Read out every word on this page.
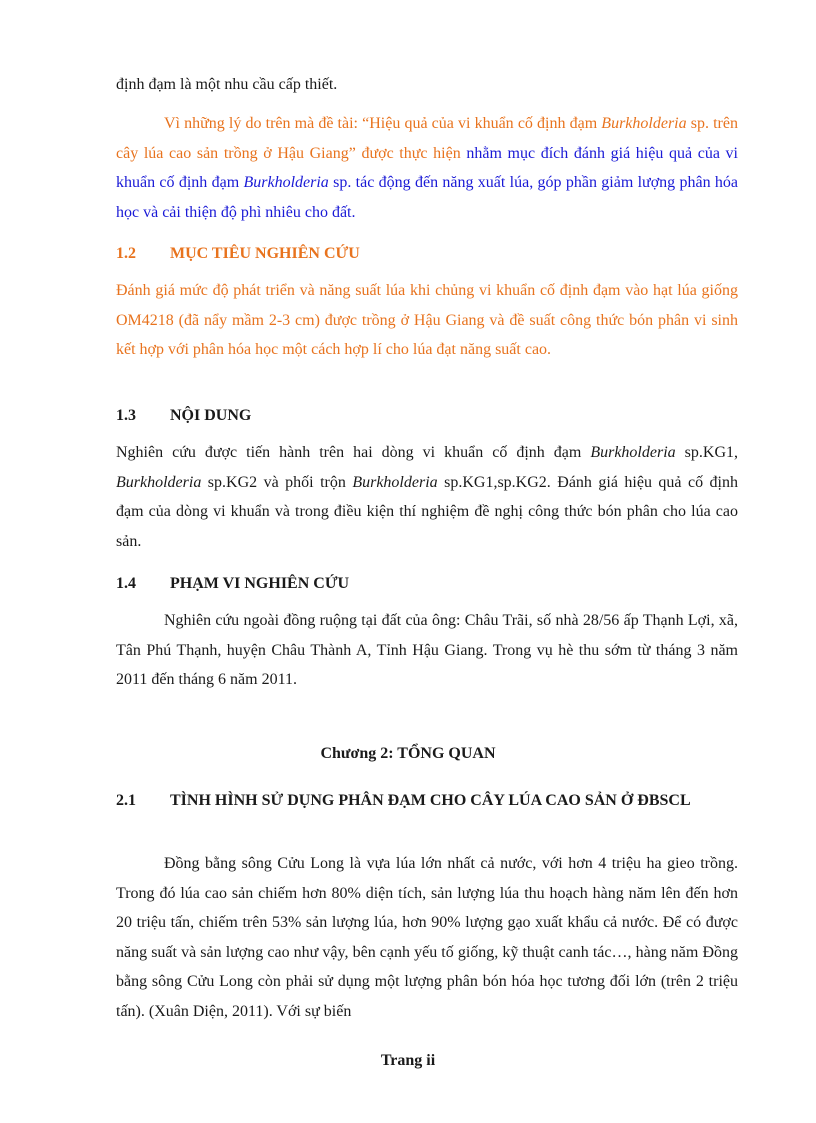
định đạm là một nhu cầu cấp thiết.

Vì những lý do trên mà đề tài: “Hiệu quả của vi khuẩn cố định đạm Burkholderia sp. trên cây lúa cao sản trồng ở Hậu Giang” được thực hiện nhằm mục đích đánh giá hiệu quả của vi khuẩn cố định đạm Burkholderia sp. tác động đến năng xuất lúa, góp phần giảm lượng phân hóa học và cải thiện độ phì nhiêu cho đất.

1.2 MỤC TIÊU NGHIÊN CỨU

Đánh giá mức độ phát triển và năng suất lúa khi chủng vi khuẩn cố định đạm vào hạt lúa giống OM4218 (đã nẩy mầm 2-3 cm) được trồng ở Hậu Giang và đề suất công thức bón phân vi sinh kết hợp với phân hóa học một cách hợp lí cho lúa đạt năng suất cao.

1.3 NỘI DUNG

Nghiên cứu được tiến hành trên hai dòng vi khuẩn cố định đạm Burkholderia sp.KG1, Burkholderia sp.KG2 và phối trộn Burkholderia sp.KG1,sp.KG2. Đánh giá hiệu quả cố định đạm của dòng vi khuẩn và trong điều kiện thí nghiệm đề nghị công thức bón phân cho lúa cao sản.

1.4 PHẠM VI NGHIÊN CỨU

Nghiên cứu ngoài đồng ruộng tại đất của ông: Châu Trãi, số nhà 28/56 ấp Thạnh Lợi, xã, Tân Phú Thạnh, huyện Châu Thành A, Tỉnh Hậu Giang. Trong vụ hè thu sớm từ tháng 3 năm 2011 đến tháng 6 năm 2011.

Chương 2: TỔNG QUAN
2.1 TÌNH HÌNH SỬ DỤNG PHÂN ĐẠM CHO CÂY LÚA CAO SẢN Ở ĐBSCL

Đồng bằng sông Cửu Long là vựa lúa lớn nhất cả nước, với hơn 4 triệu ha gieo trồng. Trong đó lúa cao sản chiếm hơn 80% diện tích, sản lượng lúa thu hoạch hàng năm lên đến hơn 20 triệu tấn, chiếm trên 53% sản lượng lúa, hơn 90% lượng gạo xuất khẩu cả nước. Để có được năng suất và sản lượng cao như vậy, bên cạnh yếu tố giống, kỹ thuật canh tác…, hàng năm Đồng bằng sông Cửu Long còn phải sử dụng một lượng phân bón hóa học tương đối lớn (trên 2 triệu tấn). (Xuân Diện, 2011). Với sự biến

Trang ii
